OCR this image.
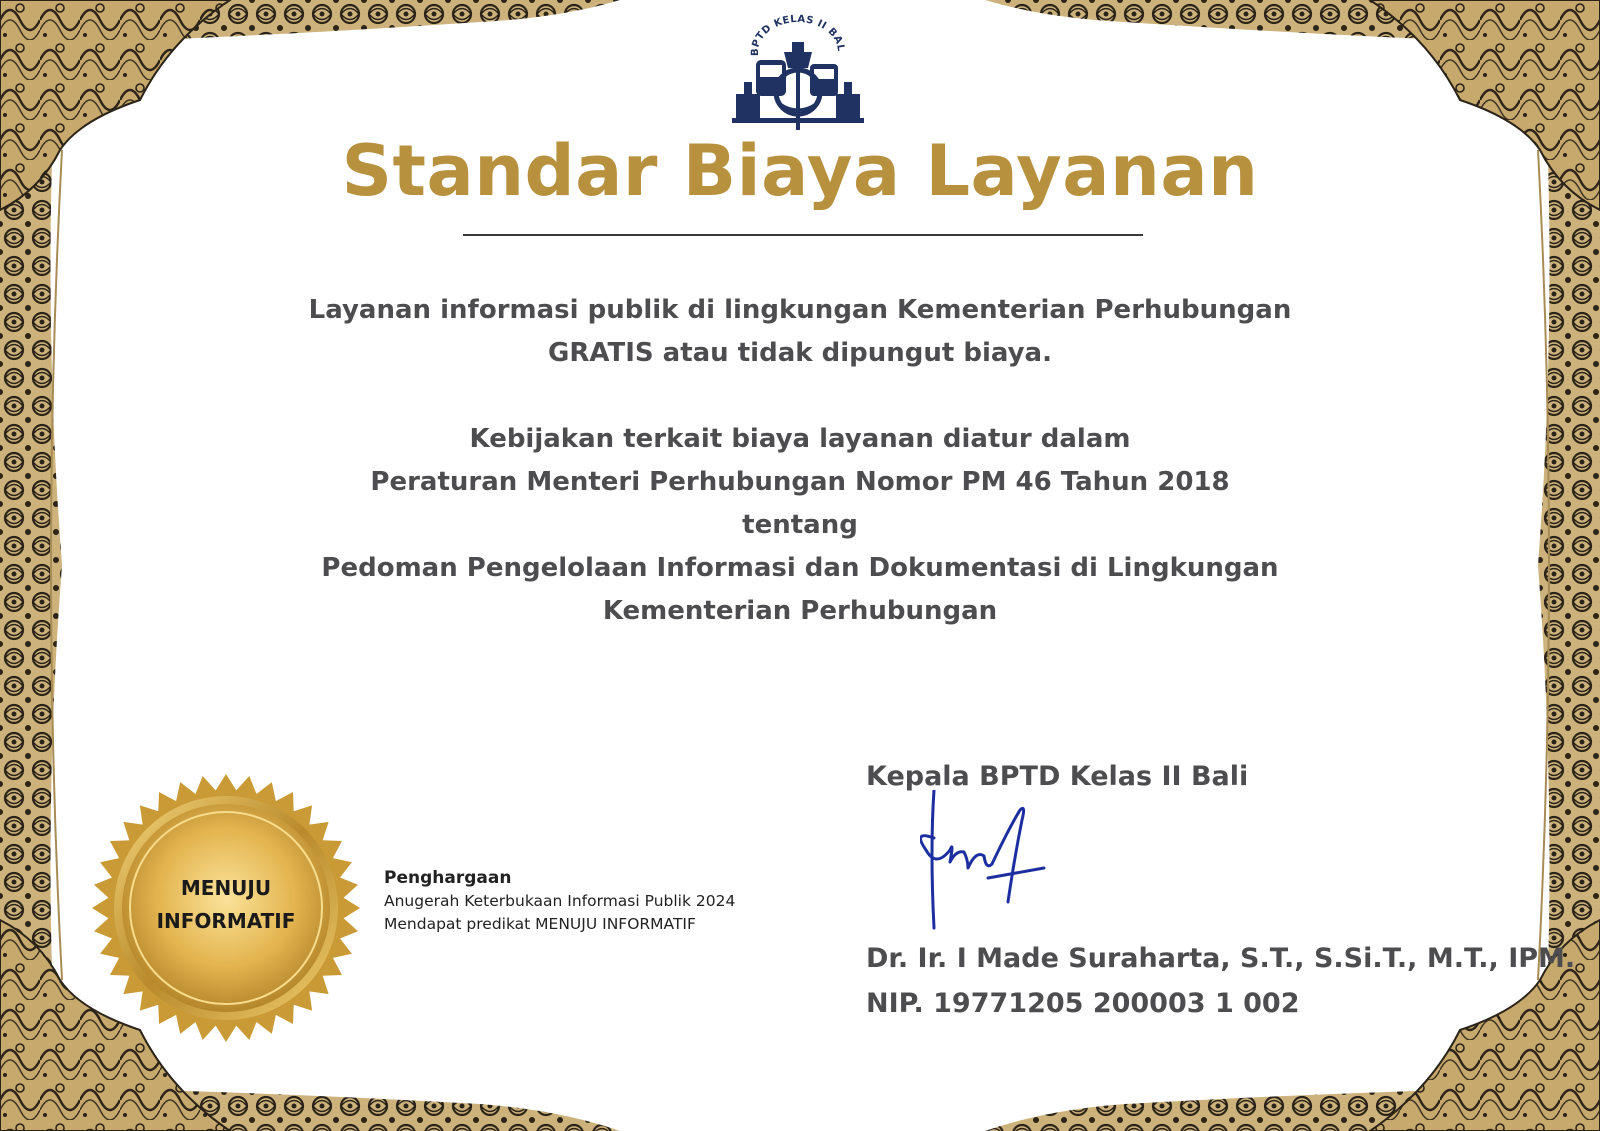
BPTD KELAS II BAL
Standar Biaya Layanan
Layanan informasi publik di lingkungan Kementerian Perhubungan
GRATIS atau tidak dipungut biaya.
Kebijakan terkait biaya layanan diatur dalam
Peraturan Menteri Perhubungan Nomor PM 46 Tahun 2018
tentang
Pedoman Pengelolaan Informasi dan Dokumentasi di Lingkungan
Kementerian Perhubungan
MENUJU
INFORMATIF
Penghargaan
Anugerah Keterbukaan Informasi Publik 2024
Mendapat predikat MENUJU INFORMATIF
Kepala BPTD Kelas II Bali
Dr. Ir. I Made Suraharta, S.T., S.Si.T., M.T., IPM.
NIP. 19771205 200003 1 002
